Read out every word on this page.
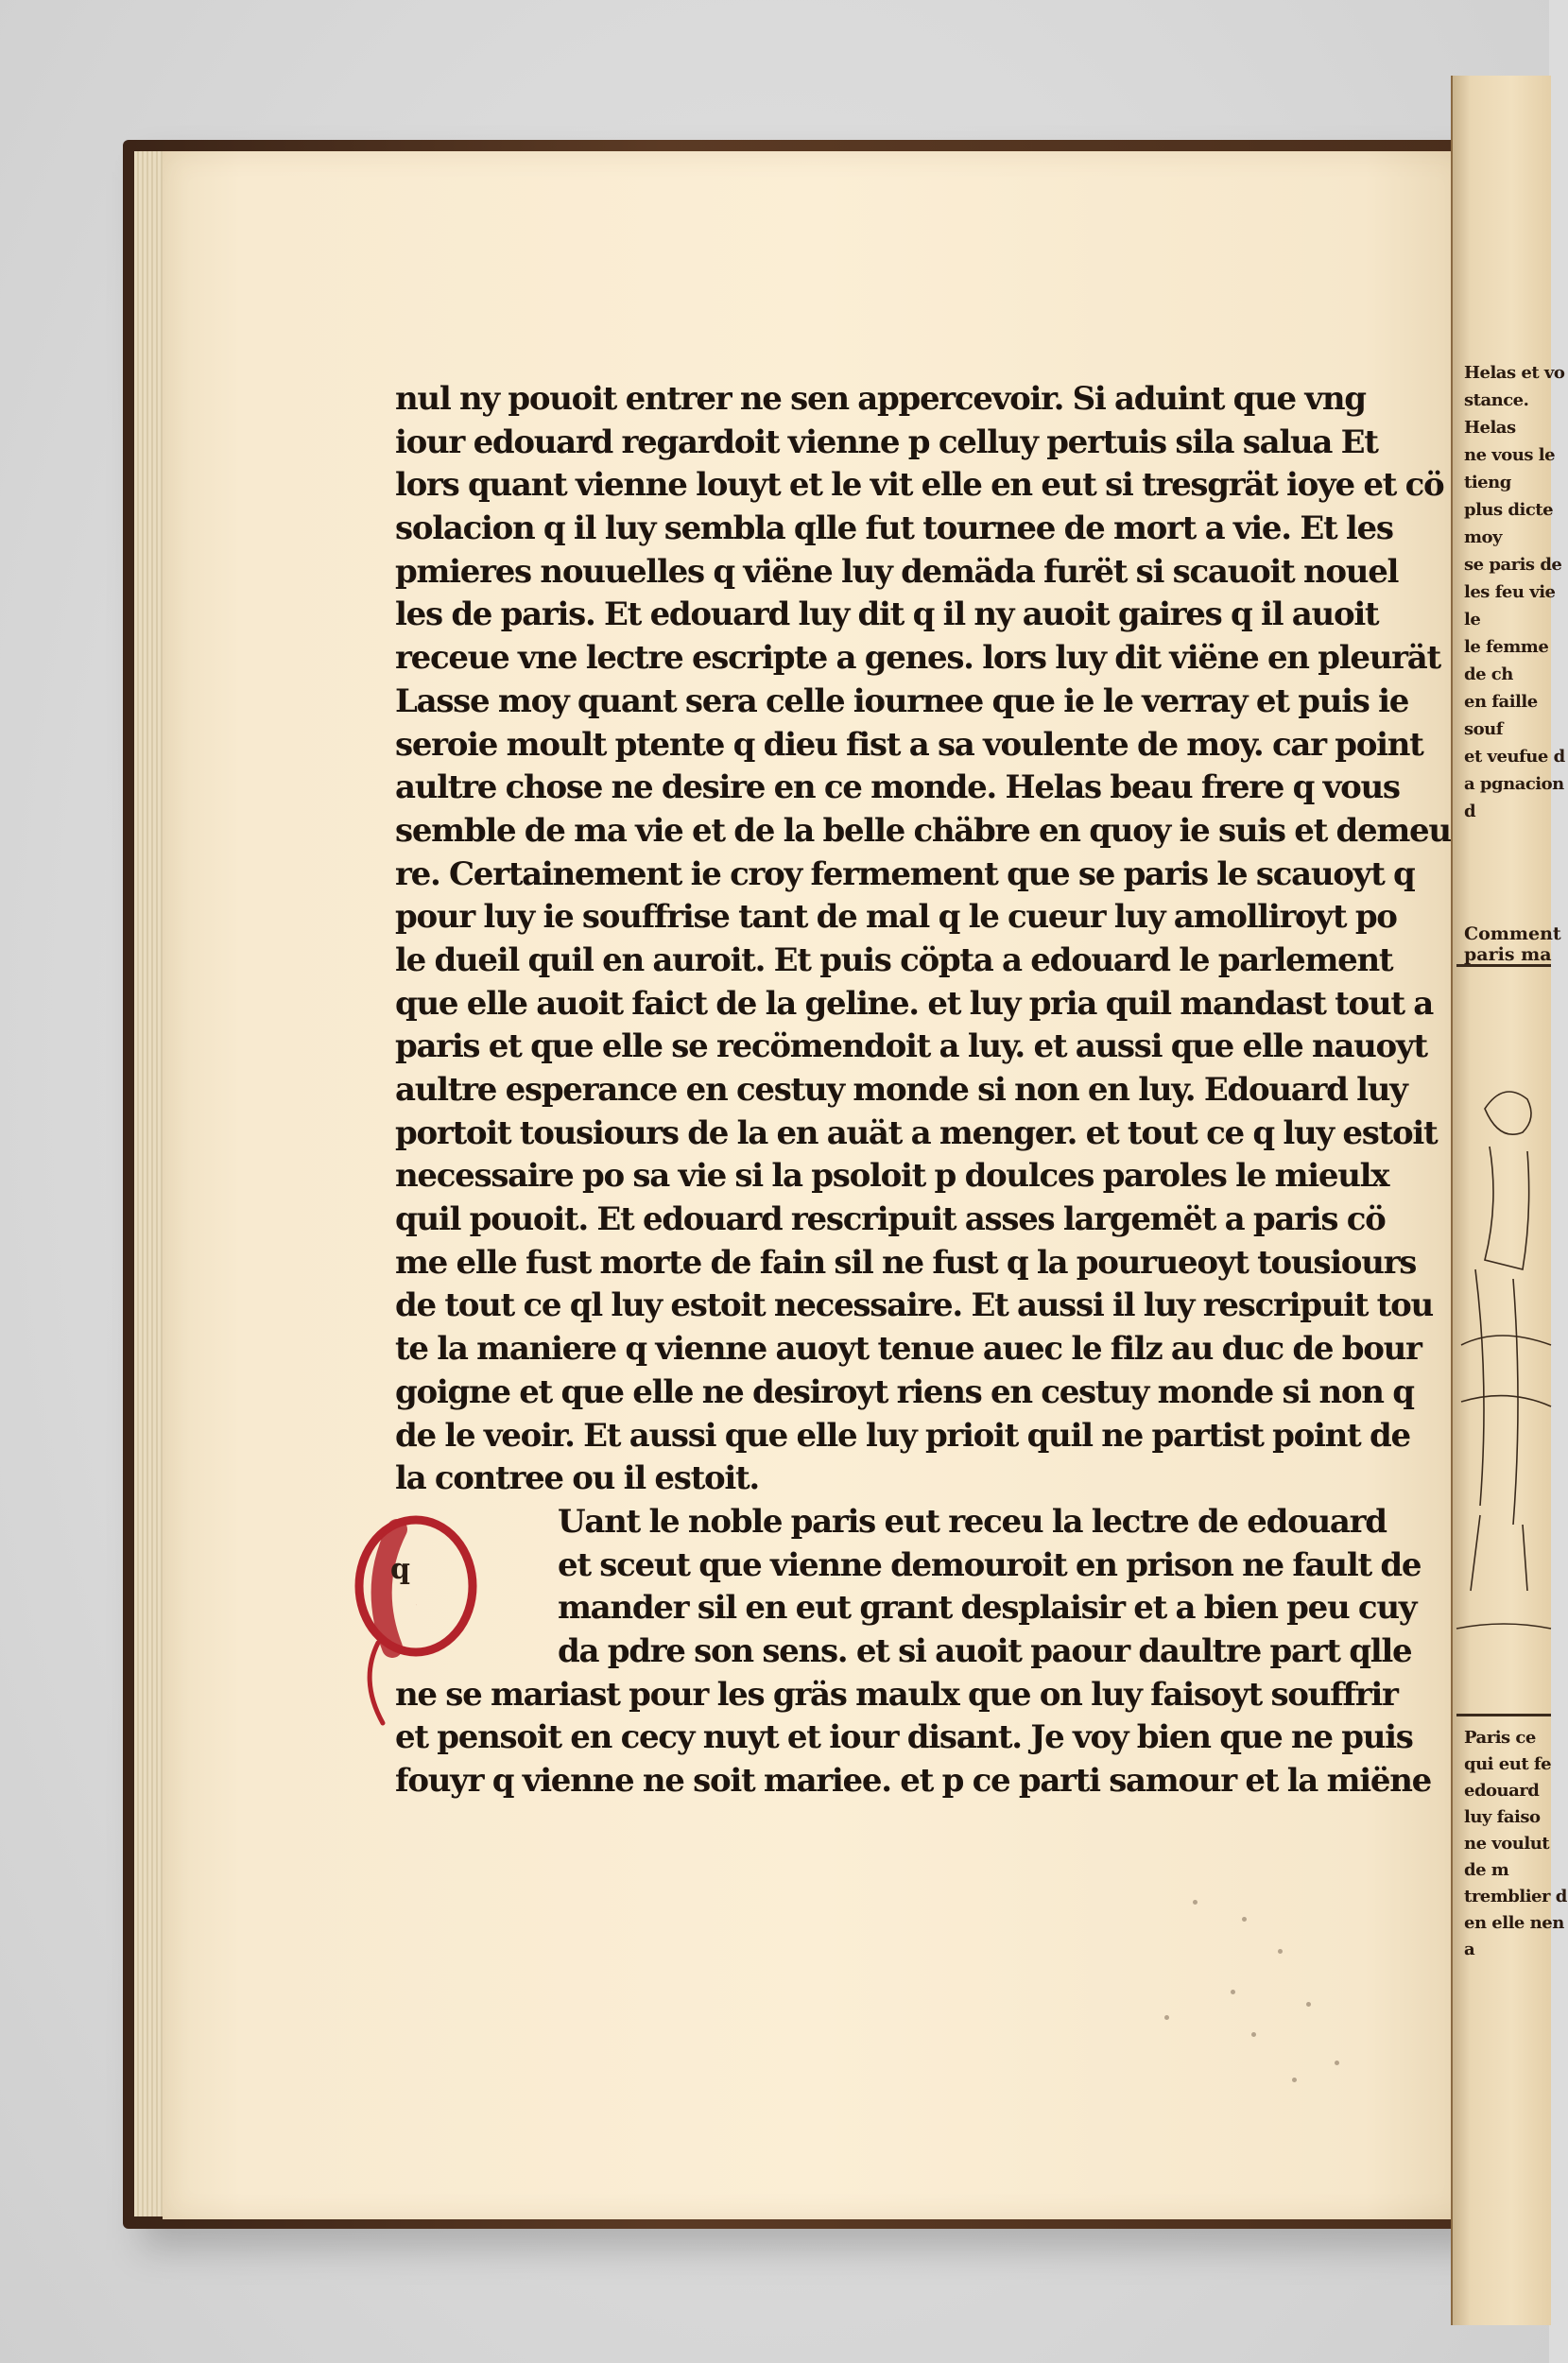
Helas et vo
stance. Helas
ne vous le tieng
plus dicte moy
se paris de
les feu vie le
le femme de ch
en faille souf
et veufue d
a pgnacion d
Comment paris ma
Paris ce qui eut fe
edouard luy faiso
ne voulut de m
tremblier d
en elle nen a
Q
q
nul ny pouoit entrer ne sen appercevoir. Si aduint que vng
iour edouard regardoit vienne p celluy pertuis sila salua Et
lors quant vienne louyt et le vit elle en eut si tresgrät ioye et cö
solacion q il luy sembla qlle fut tournee de mort a vie. Et les
pmieres nouuelles q viëne luy demäda furët si scauoit nouel
les de paris. Et edouard luy dit q il ny auoit gaires q il auoit
receue vne lectre escripte a genes. lors luy dit viëne en pleurät
Lasse moy quant sera celle iournee que ie le verray et puis ie
seroie moult ptente q dieu fist a sa voulente de moy. car point
aultre chose ne desire en ce monde. Helas beau frere q vous
semble de ma vie et de la belle chäbre en quoy ie suis et demeu
re. Certainement ie croy fermement que se paris le scauoyt q
pour luy ie souffrise tant de mal q le cueur luy amolliroyt po
le dueil quil en auroit. Et puis cöpta a edouard le parlement
que elle auoit faict de la geline. et luy pria quil mandast tout a
paris et que elle se recömendoit a luy. et aussi que elle nauoyt
aultre esperance en cestuy monde si non en luy. Edouard luy
portoit tousiours de la en auät a menger. et tout ce q luy estoit
necessaire po sa vie si la psoloit p doulces paroles le mieulx
quil pouoit. Et edouard rescripuit asses largemët a paris cö
me elle fust morte de fain sil ne fust q la pourueoyt tousiours
de tout ce ql luy estoit necessaire. Et aussi il luy rescripuit tou
te la maniere q vienne auoyt tenue auec le filz au duc de bour
goigne et que elle ne desiroyt riens en cestuy monde si non q
de le veoir. Et aussi que elle luy prioit quil ne partist point de
la contree ou il estoit.
Uant le noble paris eut receu la lectre de edouard
et sceut que vienne demouroit en prison ne fault de
mander sil en eut grant desplaisir et a bien peu cuy
da pdre son sens. et si auoit paour daultre part qlle
ne se mariast pour les gräs maulx que on luy faisoyt souffrir
et pensoit en cecy nuyt et iour disant. Je voy bien que ne puis
fouyr q vienne ne soit mariee. et p ce parti samour et la miëne
